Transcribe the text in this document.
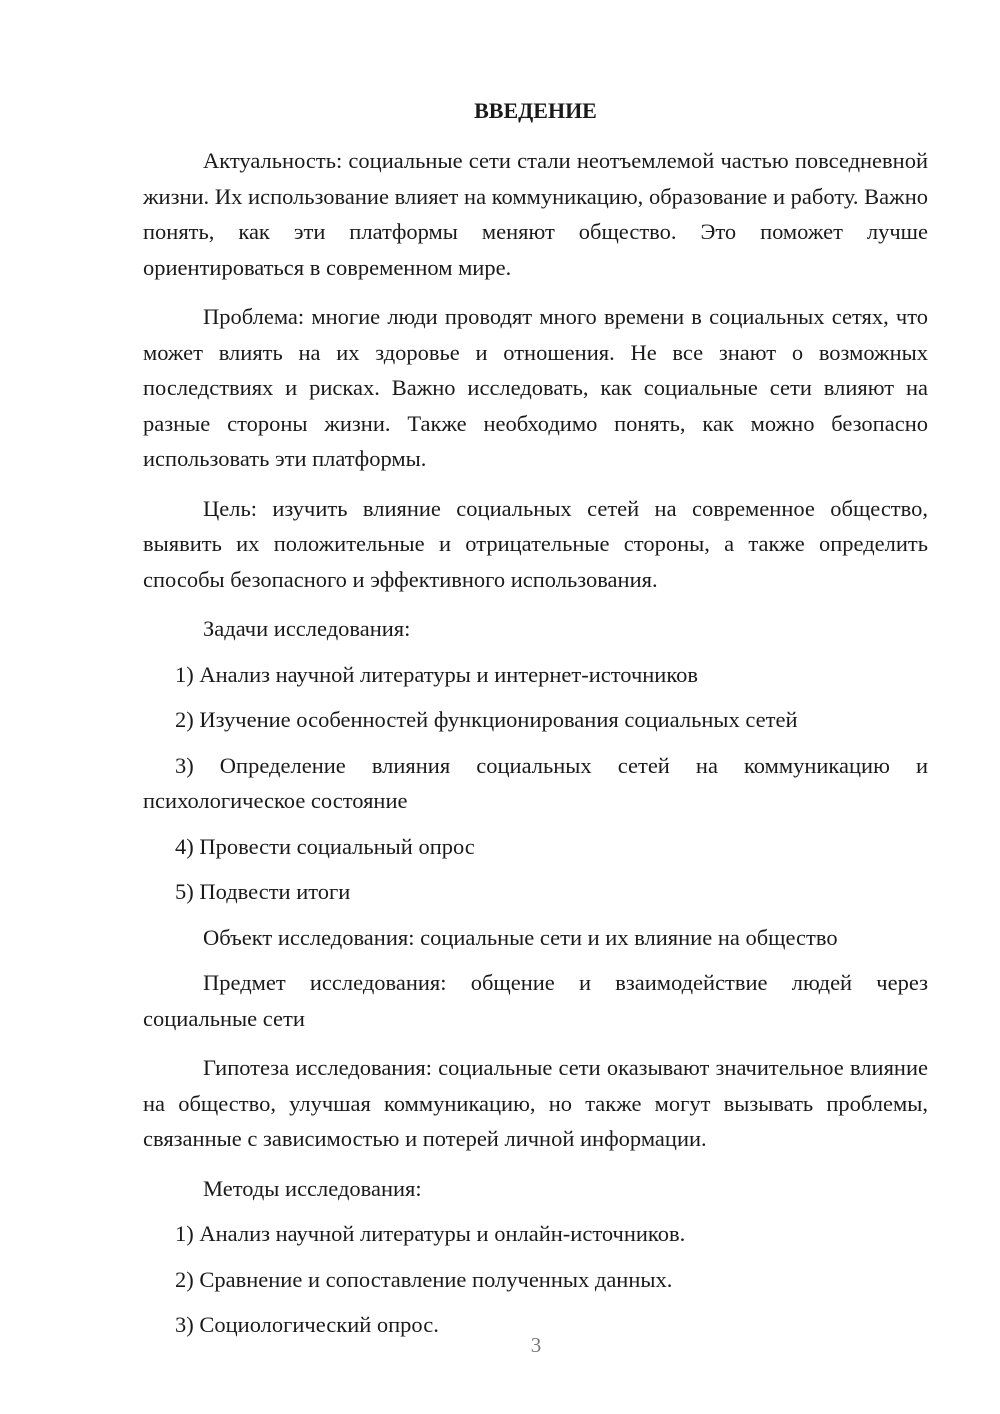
ВВЕДЕНИЕ
Актуальность: социальные сети стали неотъемлемой частью повседневной жизни. Их использование влияет на коммуникацию, образование и работу. Важно понять, как эти платформы меняют общество. Это поможет лучше ориентироваться в современном мире.
Проблема: многие люди проводят много времени в социальных сетях, что может влиять на их здоровье и отношения. Не все знают о возможных последствиях и рисках. Важно исследовать, как социальные сети влияют на разные стороны жизни. Также необходимо понять, как можно безопасно использовать эти платформы.
Цель: изучить влияние социальных сетей на современное общество, выявить их положительные и отрицательные стороны, а также определить способы безопасного и эффективного использования.
Задачи исследования:
1) Анализ научной литературы и интернет-источников
2) Изучение особенностей функционирования социальных сетей
3) Определение влияния социальных сетей на коммуникацию и психологическое состояние
4) Провести социальный опрос
5) Подвести итоги
Объект исследования: социальные сети и их влияние на общество
Предмет исследования: общение и взаимодействие людей через социальные сети
Гипотеза исследования: социальные сети оказывают значительное влияние на общество, улучшая коммуникацию, но также могут вызывать проблемы, связанные с зависимостью и потерей личной информации.
Методы исследования:
1) Анализ научной литературы и онлайн-источников.
2) Сравнение и сопоставление полученных данных.
3) Социологический опрос.
3
